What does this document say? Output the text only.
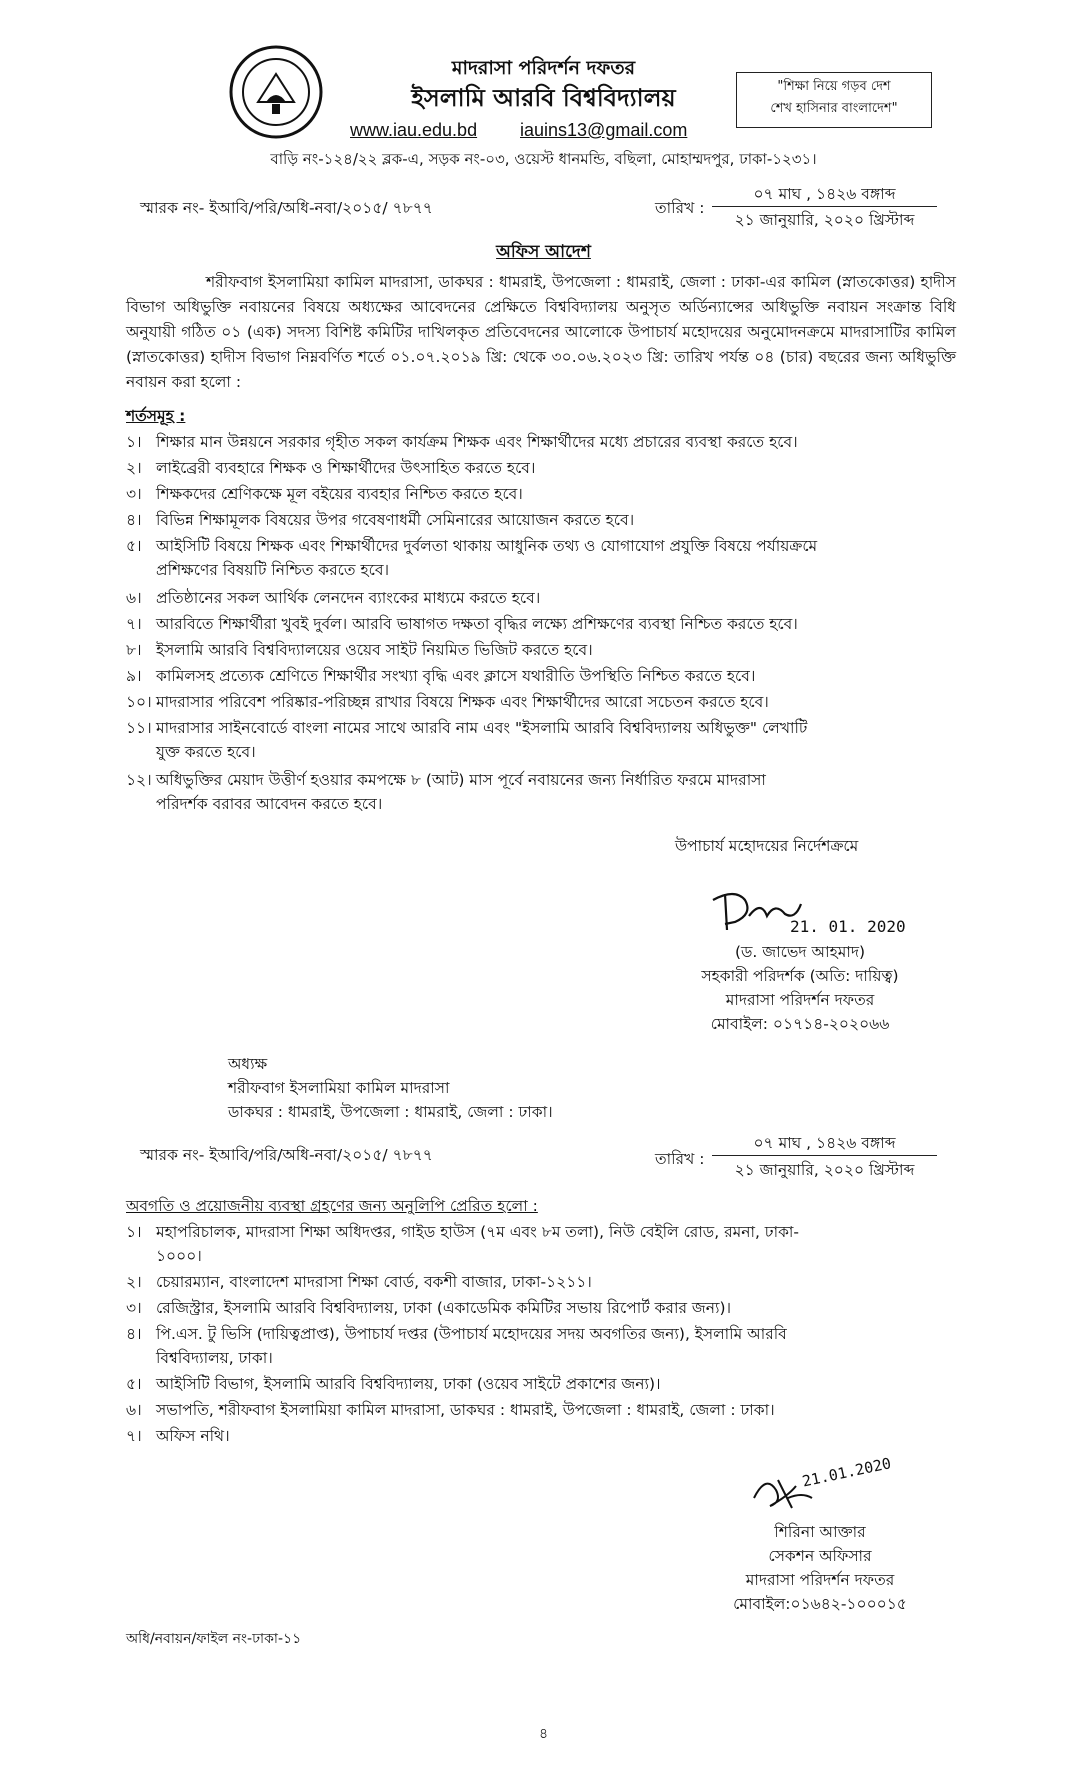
মাদরাসা পরিদর্শন দফতর
ইসলামি আরবি বিশ্ববিদ্যালয়
www.iau.edu.bd iauins13@gmail.com
"শিক্ষা নিয়ে গড়ব দেশ
শেখ হাসিনার বাংলাদেশ"
বাড়ি নং-১২৪/২২ ব্লক-এ, সড়ক নং-০৩, ওয়েস্ট ধানমন্ডি, বছিলা, মোহাম্মদপুর, ঢাকা-১২৩১।
স্মারক নং- ইআবি/পরি/অধি-নবা/২০১৫/ ৭৮৭৭	তারিখ :
০৭ মাঘ , ১৪২৬ বঙ্গাব্দ
২১ জানুয়ারি, ২০২০ খ্রিস্টাব্দ
অফিস আদেশ
শরীফবাগ ইসলামিয়া কামিল মাদরাসা, ডাকঘর : ধামরাই, উপজেলা : ধামরাই, জেলা : ঢাকা-এর কামিল (স্নাতকোত্তর) হাদীস বিভাগ অধিভুক্তি নবায়নের বিষয়ে অধ্যক্ষের আবেদনের প্রেক্ষিতে বিশ্ববিদ্যালয় অনুসৃত অর্ডিন্যান্সের অধিভুক্তি নবায়ন সংক্রান্ত বিধি অনুযায়ী গঠিত ০১ (এক) সদস্য বিশিষ্ট কমিটির দাখিলকৃত প্রতিবেদনের আলোকে উপাচার্য মহোদয়ের অনুমোদনক্রমে মাদরাসাটির কামিল (স্নাতকোত্তর) হাদীস বিভাগ নিম্নবর্ণিত শর্তে ০১.০৭.২০১৯ খ্রি: থেকে ৩০.০৬.২০২৩ খ্রি: তারিখ পর্যন্ত ০৪ (চার) বছরের জন্য অধিভুক্তি নবায়ন করা হলো :
শর্তসমূহ :
১। শিক্ষার মান উন্নয়নে সরকার গৃহীত সকল কার্যক্রম শিক্ষক এবং শিক্ষার্থীদের মধ্যে প্রচারের ব্যবস্থা করতে হবে।
২। লাইব্রেরী ব্যবহারে শিক্ষক ও শিক্ষার্থীদের উৎসাহিত করতে হবে।
৩। শিক্ষকদের শ্রেণিকক্ষে মূল বইয়ের ব্যবহার নিশ্চিত করতে হবে।
৪। বিভিন্ন শিক্ষামূলক বিষয়ের উপর গবেষণাধর্মী সেমিনারের আয়োজন করতে হবে।
৫। আইসিটি বিষয়ে শিক্ষক এবং শিক্ষার্থীদের দুর্বলতা থাকায় আধুনিক তথ্য ও যোগাযোগ প্রযুক্তি বিষয়ে পর্যায়ক্রমে
প্রশিক্ষণের বিষয়টি নিশ্চিত করতে হবে।
৬। প্রতিষ্ঠানের সকল আর্থিক লেনদেন ব্যাংকের মাধ্যমে করতে হবে।
৭। আরবিতে শিক্ষার্থীরা খুবই দুর্বল। আরবি ভাষাগত দক্ষতা বৃদ্ধির লক্ষ্যে প্রশিক্ষণের ব্যবস্থা নিশ্চিত করতে হবে।
৮। ইসলামি আরবি বিশ্ববিদ্যালয়ের ওয়েব সাইট নিয়মিত ভিজিট করতে হবে।
৯। কামিলসহ প্রত্যেক শ্রেণিতে শিক্ষার্থীর সংখ্যা বৃদ্ধি এবং ক্লাসে যথারীতি উপস্থিতি নিশ্চিত করতে হবে।
১০। মাদরাসার পরিবেশ পরিষ্কার-পরিচ্ছন্ন রাখার বিষয়ে শিক্ষক এবং শিক্ষার্থীদের আরো সচেতন করতে হবে।
১১। মাদরাসার সাইনবোর্ডে বাংলা নামের সাথে আরবি নাম এবং "ইসলামি আরবি বিশ্ববিদ্যালয় অধিভুক্ত" লেখাটি
যুক্ত করতে হবে।
১২। অধিভুক্তির মেয়াদ উত্তীর্ণ হওয়ার কমপক্ষে ৮ (আট) মাস পূর্বে নবায়নের জন্য নির্ধারিত ফরমে মাদরাসা
পরিদর্শক বরাবর আবেদন করতে হবে।
উপাচার্য মহোদয়ের নির্দেশক্রমে
21. 01. 2020
(ড. জাভেদ আহমাদ)
সহকারী পরিদর্শক (অতি: দায়িত্ব)
মাদরাসা পরিদর্শন দফতর
মোবাইল: ০১৭১৪-২০২০৬৬
অধ্যক্ষ
শরীফবাগ ইসলামিয়া কামিল মাদরাসা
ডাকঘর : ধামরাই, উপজেলা : ধামরাই, জেলা : ঢাকা।
স্মারক নং- ইআবি/পরি/অধি-নবা/২০১৫/ ৭৮৭৭	তারিখ :
০৭ মাঘ , ১৪২৬ বঙ্গাব্দ
২১ জানুয়ারি, ২০২০ খ্রিস্টাব্দ
অবগতি ও প্রয়োজনীয় ব্যবস্থা গ্রহণের জন্য অনুলিপি প্রেরিত হলো :
১। মহাপরিচালক, মাদরাসা শিক্ষা অধিদপ্তর, গাইড হাউস (৭ম এবং ৮ম তলা), নিউ বেইলি রোড, রমনা, ঢাকা-
১০০০।
২। চেয়ারম্যান, বাংলাদেশ মাদরাসা শিক্ষা বোর্ড, বকশী বাজার, ঢাকা-১২১১।
৩। রেজিস্ট্রার, ইসলামি আরবি বিশ্ববিদ্যালয়, ঢাকা (একাডেমিক কমিটির সভায় রিপোর্ট করার জন্য)।
৪। পি.এস. টু ভিসি (দায়িত্বপ্রাপ্ত), উপাচার্য দপ্তর (উপাচার্য মহোদয়ের সদয় অবগতির জন্য), ইসলামি আরবি
বিশ্ববিদ্যালয়, ঢাকা।
৫। আইসিটি বিভাগ, ইসলামি আরবি বিশ্ববিদ্যালয়, ঢাকা (ওয়েব সাইটে প্রকাশের জন্য)।
৬। সভাপতি, শরীফবাগ ইসলামিয়া কামিল মাদরাসা, ডাকঘর : ধামরাই, উপজেলা : ধামরাই, জেলা : ঢাকা।
৭। অফিস নথি।
21.01.2020
শিরিনা আক্তার
সেকশন অফিসার
মাদরাসা পরিদর্শন দফতর
মোবাইল:০১৬৪২-১০০০১৫
অধি/নবায়ন/ফাইল নং-ঢাকা-১১
৪
